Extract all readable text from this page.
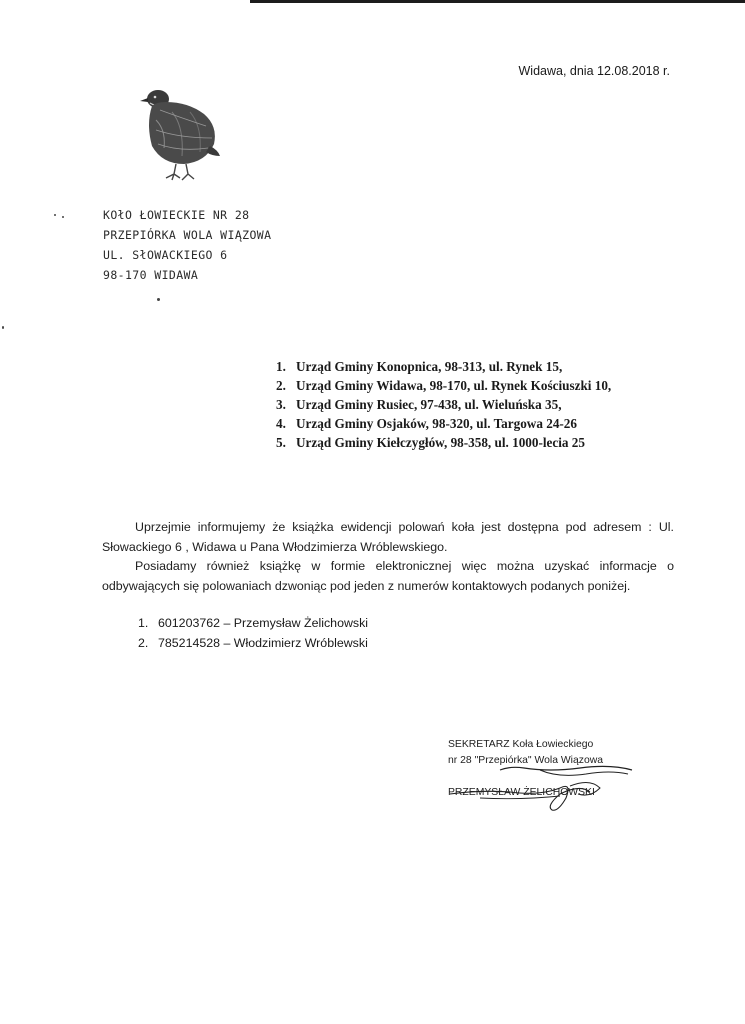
Widawa, dnia 12.08.2018 r.
KOłO ŁOWIECKIE NR 28
PRZEPIÓRKA WOLA WIĄZOWA
UL. SłOWACKIEGO 6
98-170 WIDAWA
1. Urząd Gminy Konopnica, 98-313, ul. Rynek 15,
2. Urząd Gminy Widawa, 98-170, ul. Rynek Kościuszki 10,
3. Urząd Gminy Rusiec, 97-438, ul. Wieluńska 35,
4. Urząd Gminy Osjaków, 98-320, ul. Targowa 24-26
5. Urząd Gminy Kiełczygłów, 98-358, ul. 1000-lecia 25

Uprzejmie informujemy że książka ewidencji polowań koła jest dostępna pod adresem : Ul. Słowackiego 6 , Widawa u Pana Włodzimierza Wróblewskiego.

Posiadamy również książkę w formie elektronicznej więc można uzyskać informacje o odbywających się polowaniach dzwoniąc pod jeden z numerów kontaktowych podanych poniżej.

1. 601203762 – Przemysław Żelichowski
2. 785214528 – Włodzimierz Wróblewski
SEKRETARZ Koła Łowieckiego
nr 28 "Przepiórka" Wola Wiązowa
PRZEMYSŁAW ŻELICHOWSKI
